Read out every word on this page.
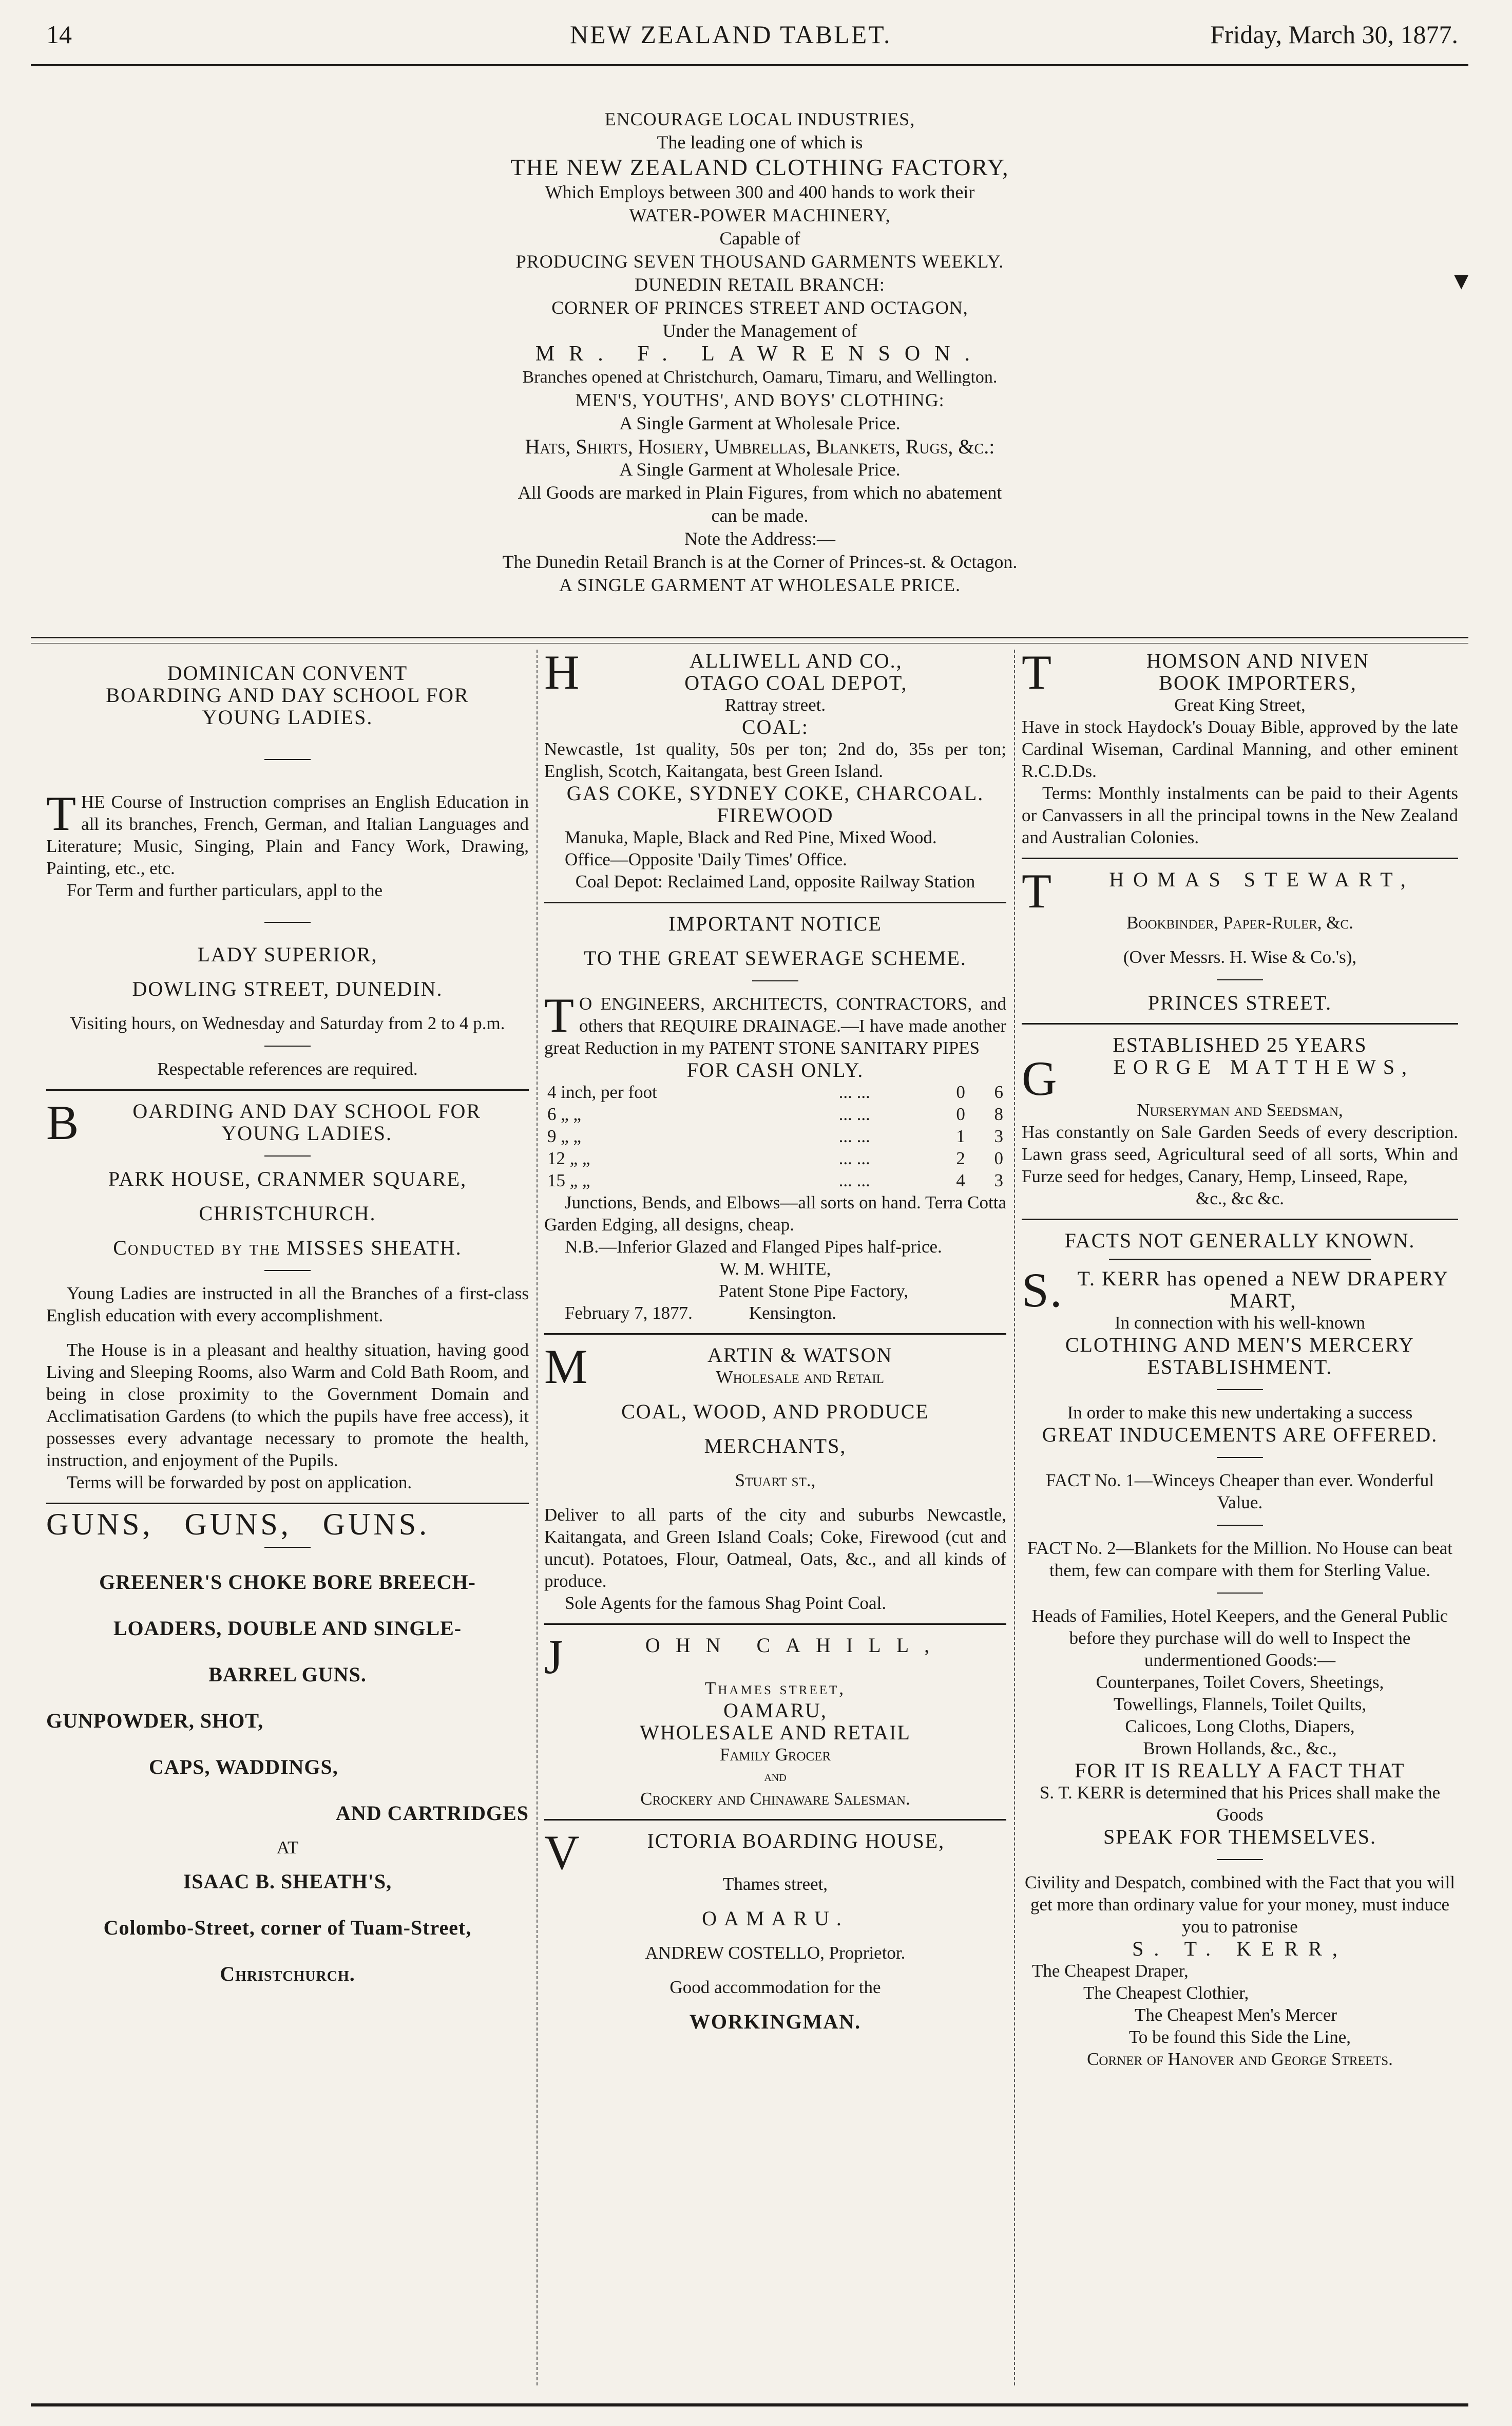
14	NEW ZEALAND TABLET.	Friday, March 30, 1877.
▼

ENCOURAGE LOCAL INDUSTRIES,

The leading one of which is

THE NEW ZEALAND CLOTHING FACTORY,

Which Employs between 300 and 400 hands to work their

WATER-POWER MACHINERY,

Capable of

PRODUCING SEVEN THOUSAND GARMENTS WEEKLY.

DUNEDIN RETAIL BRANCH:

CORNER OF PRINCES STREET AND OCTAGON,

Under the Management of

MR. F. LAWRENSON.

Branches opened at Christchurch, Oamaru, Timaru, and Wellington.

MEN'S, YOUTHS', AND BOYS' CLOTHING:

A Single Garment at Wholesale Price.

Hats, Shirts, Hosiery, Umbrellas, Blankets, Rugs, &c.:

A Single Garment at Wholesale Price.

All Goods are marked in Plain Figures, from which no abatement

can be made.

Note the Address:—

The Dunedin Retail Branch is at the Corner of Princes-st. & Octagon.

A SINGLE GARMENT AT WHOLESALE PRICE.

DOMINICAN CONVENT

BOARDING AND DAY SCHOOL FOR

YOUNG LADIES.

THE Course of Instruction comprises an English Education in all its branches, French, German, and Italian Languages and Literature; Music, Singing, Plain and Fancy Work, Drawing, Painting, etc., etc.

For Term and further particulars, appl to the

LADY SUPERIOR,

DOWLING STREET, DUNEDIN.

Visiting hours, on Wednesday and Saturday from 2 to 4 p.m.

Respectable references are required.

B	OARDING AND DAY SCHOOL FOR

YOUNG LADIES.

PARK HOUSE, CRANMER SQUARE,

CHRISTCHURCH.

Conducted by the MISSES SHEATH.

Young Ladies are instructed in all the Branches of a first-class English education with every accomplishment.

The House is in a pleasant and healthy situation, having good Living and Sleeping Rooms, also Warm and Cold Bath Room, and being in close proximity to the Government Domain and Acclimatisation Gardens (to which the pupils have free access), it possesses every advantage necessary to promote the health, instruction, and enjoyment of the Pupils.

Terms will be forwarded by post on application.

GUNS, GUNS, GUNS.

GREENER'S CHOKE BORE BREECH-

LOADERS, DOUBLE AND SINGLE-

BARREL GUNS.

GUNPOWDER, SHOT,

CAPS, WADDINGS,

AND CARTRIDGES

AT

ISAAC B. SHEATH'S,

Colombo-Street, corner of Tuam-Street,

Christchurch.

H	ALLIWELL AND CO.,

OTAGO COAL DEPOT,

Rattray street.

COAL:

Newcastle, 1st quality, 50s per ton; 2nd do, 35s per ton; English, Scotch, Kaitangata, best Green Island.

GAS COKE, SYDNEY COKE, CHARCOAL. FIREWOOD

Manuka, Maple, Black and Red Pine, Mixed Wood.

Office—Opposite 'Daily Times' Office.

Coal Depot: Reclaimed Land, opposite Railway Station

IMPORTANT NOTICE

TO THE GREAT SEWERAGE SCHEME.

T O ENGINEERS, ARCHITECTS, CONTRACTORS, and others that REQUIRE DRAINAGE.—I have made another great Reduction in my PATENT STONE SANITARY PIPES

FOR CASH ONLY.

4 inch, per foot	... ...	0	6
6 „ „	... ...	0	8
9 „ „	... ...	1	3
12 „ „	... ...	2	0
15 „ „	... ...	4	3

Junctions, Bends, and Elbows—all sorts on hand. Terra Cotta Garden Edging, all designs, cheap.

N.B.—Inferior Glazed and Flanged Pipes half-price.

W. M. WHITE,

Patent Stone Pipe Factory,

February 7, 1877.	Kensington.

M	ARTIN & WATSON

Wholesale and Retail

COAL, WOOD, AND PRODUCE

MERCHANTS,

Stuart st.,

Deliver to all parts of the city and suburbs Newcastle, Kaitangata, and Green Island Coals; Coke, Firewood (cut and uncut). Potatoes, Flour, Oatmeal, Oats, &c., and all kinds of produce.

Sole Agents for the famous Shag Point Coal.

J	OHN CAHILL,

Thames street,

OAMARU,

WHOLESALE AND RETAIL

Family Grocer

and

Crockery and Chinaware Salesman.

V	ICTORIA BOARDING HOUSE,

Thames street,

OAMARU.

ANDREW COSTELLO, Proprietor.

Good accommodation for the

WORKINGMAN.

T	HOMSON AND NIVEN

BOOK IMPORTERS,

Great King Street,

Have in stock Haydock's Douay Bible, approved by the late Cardinal Wiseman, Cardinal Manning, and other eminent R.C.D.Ds.

Terms: Monthly instalments can be paid to their Agents or Canvassers in all the principal towns in the New Zealand and Australian Colonies.

T HOMAS STEWART,

Bookbinder, Paper-Ruler, &c.

(Over Messrs. H. Wise & Co.'s),

PRINCES STREET.

ESTABLISHED 25 YEARS

G EORGE MATTHEWS,

Nurseryman and Seedsman,

Has constantly on Sale Garden Seeds of every description. Lawn grass seed, Agricultural seed of all sorts, Whin and Furze seed for hedges, Canary, Hemp, Linseed, Rape,

&c., &c &c.

FACTS NOT GENERALLY KNOWN.

S. T. KERR has opened a NEW DRAPERY MART,

In connection with his well-known

CLOTHING AND MEN'S MERCERY

ESTABLISHMENT.

In order to make this new undertaking a success

GREAT INDUCEMENTS ARE OFFERED.

FACT No. 1—Winceys Cheaper than ever. Wonderful Value.

FACT No. 2—Blankets for the Million. No House can beat them, few can compare with them for Sterling Value.

Heads of Families, Hotel Keepers, and the General Public before they purchase will do well to Inspect the undermentioned Goods:—

Counterpanes, Toilet Covers, Sheetings,

Towellings, Flannels, Toilet Quilts,

Calicoes, Long Cloths, Diapers,

Brown Hollands, &c., &c.,

FOR IT IS REALLY A FACT THAT

S. T. KERR is determined that his Prices shall make the Goods

SPEAK FOR THEMSELVES.

Civility and Despatch, combined with the Fact that you will get more than ordinary value for your money, must induce you to patronise

S. T. KERR,

The Cheapest Draper,

The Cheapest Clothier,

The Cheapest Men's Mercer

To be found this Side the Line,

Corner of Hanover and George Streets.
